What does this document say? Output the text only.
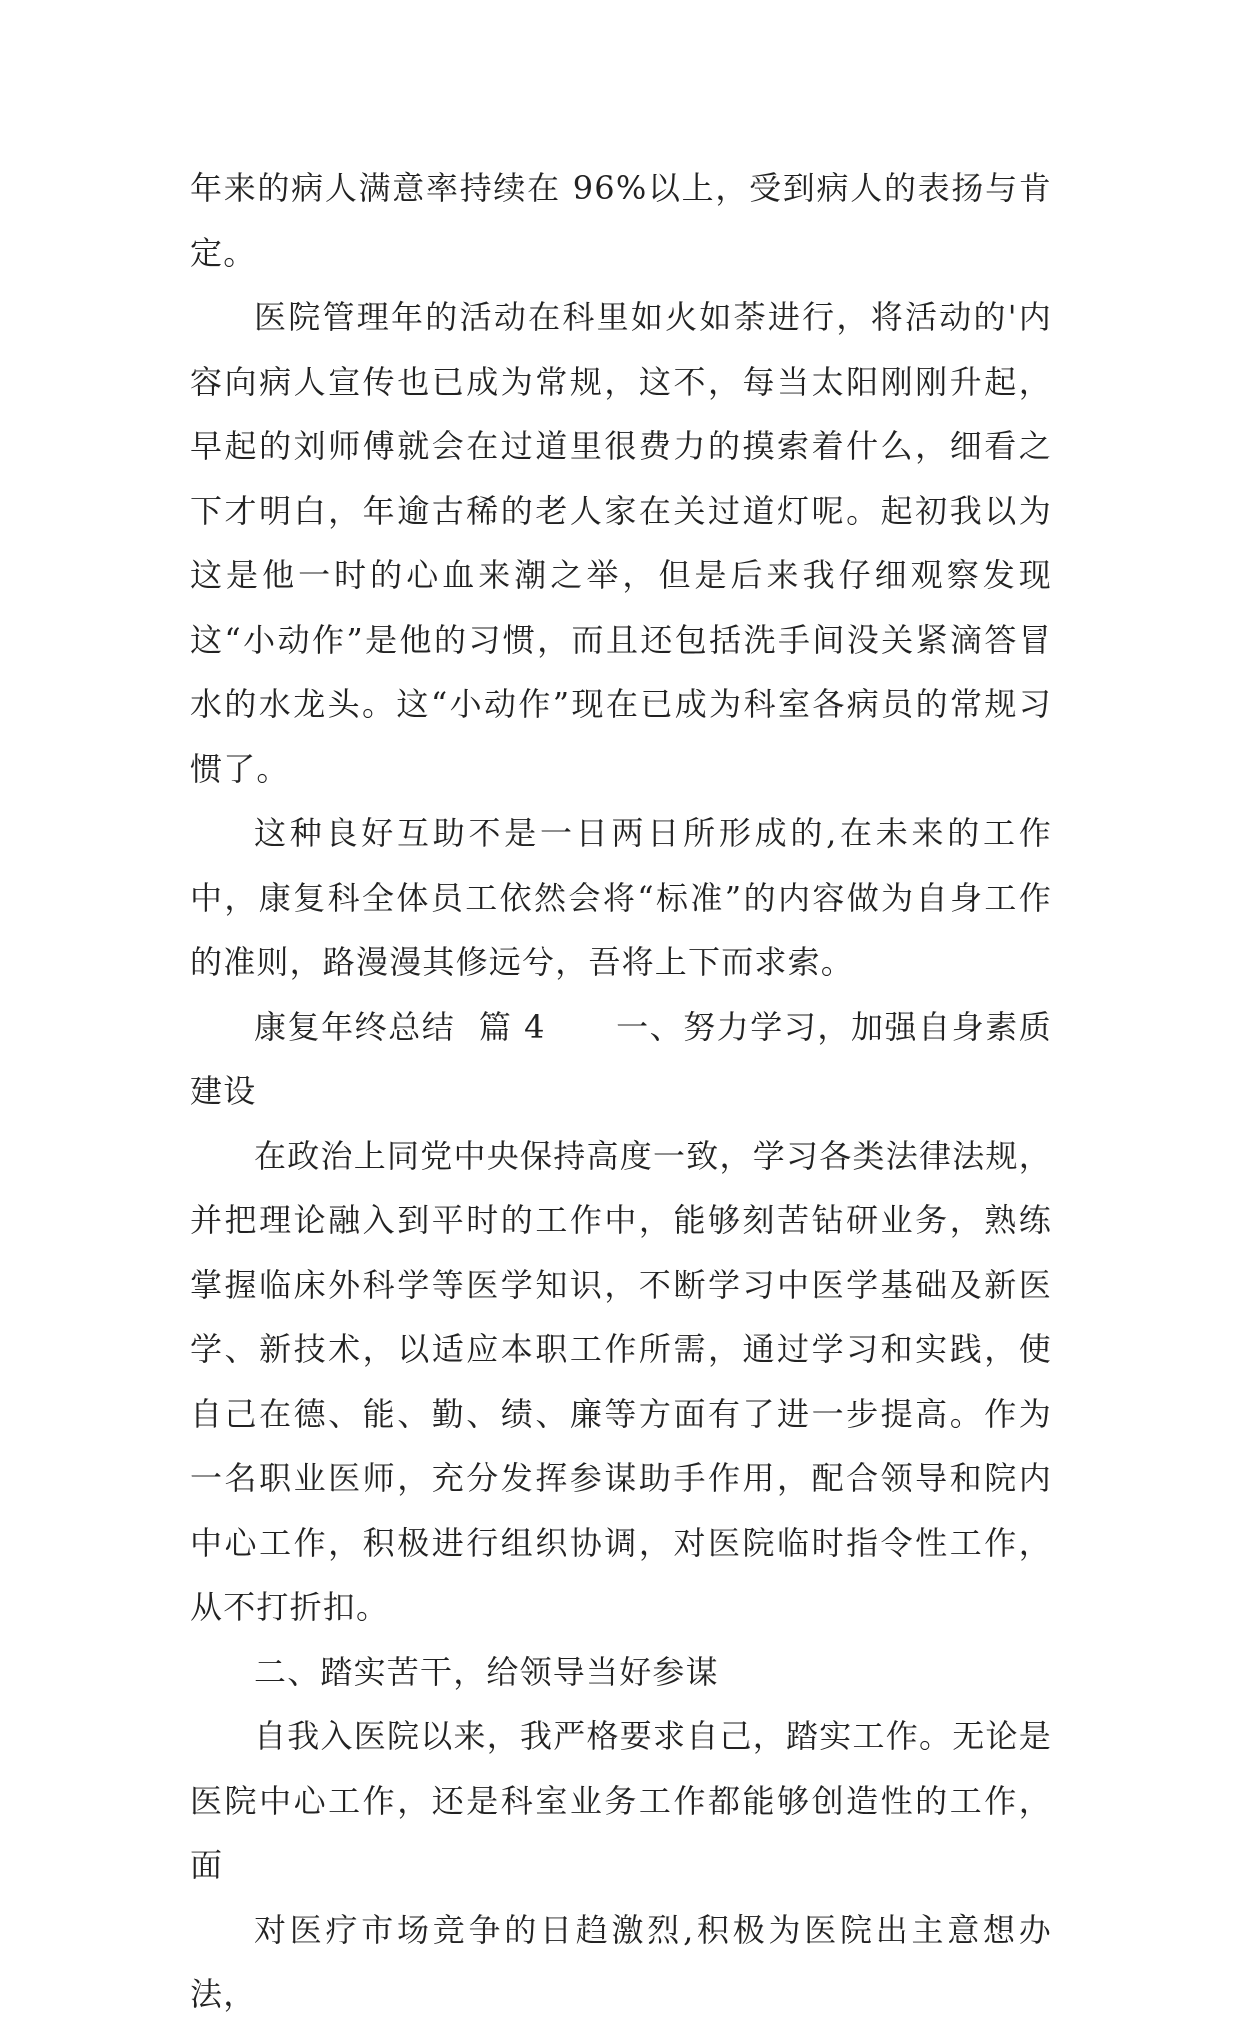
年来的病人满意率持续在 96%以上，受到病人的表扬与肯定。

医院管理年的活动在科里如火如荼进行，将活动的'内容向病人宣传也已成为常规，这不，每当太阳刚刚升起，早起的刘师傅就会在过道里很费力的摸索着什么，细看之下才明白，年逾古稀的老人家在关过道灯呢。起初我以为这是他一时的心血来潮之举，但是后来我仔细观察发现这“小动作”是他的习惯，而且还包括洗手间没关紧滴答冒水的水龙头。这“小动作”现在已成为科室各病员的常规习惯了。

这种良好互助不是一日两日所形成的,在未来的工作中，康复科全体员工依然会将“标准”的内容做为自身工作的准则，路漫漫其修远兮，吾将上下而求索。

康复年终总结  篇 4      一、努力学习，加强自身素质建设

在政治上同党中央保持高度一致，学习各类法律法规，并把理论融入到平时的工作中，能够刻苦钻研业务，熟练掌握临床外科学等医学知识，不断学习中医学基础及新医学、新技术，以适应本职工作所需，通过学习和实践，使自己在德、能、勤、绩、廉等方面有了进一步提高。作为一名职业医师，充分发挥参谋助手作用，配合领导和院内中心工作，积极进行组织协调，对医院临时指令性工作，从不打折扣。

二、踏实苦干，给领导当好参谋

自我入医院以来，我严格要求自己，踏实工作。无论是医院中心工作，还是科室业务工作都能够创造性的工作，面

对医疗市场竞争的日趋激烈,积极为医院出主意想办法，
